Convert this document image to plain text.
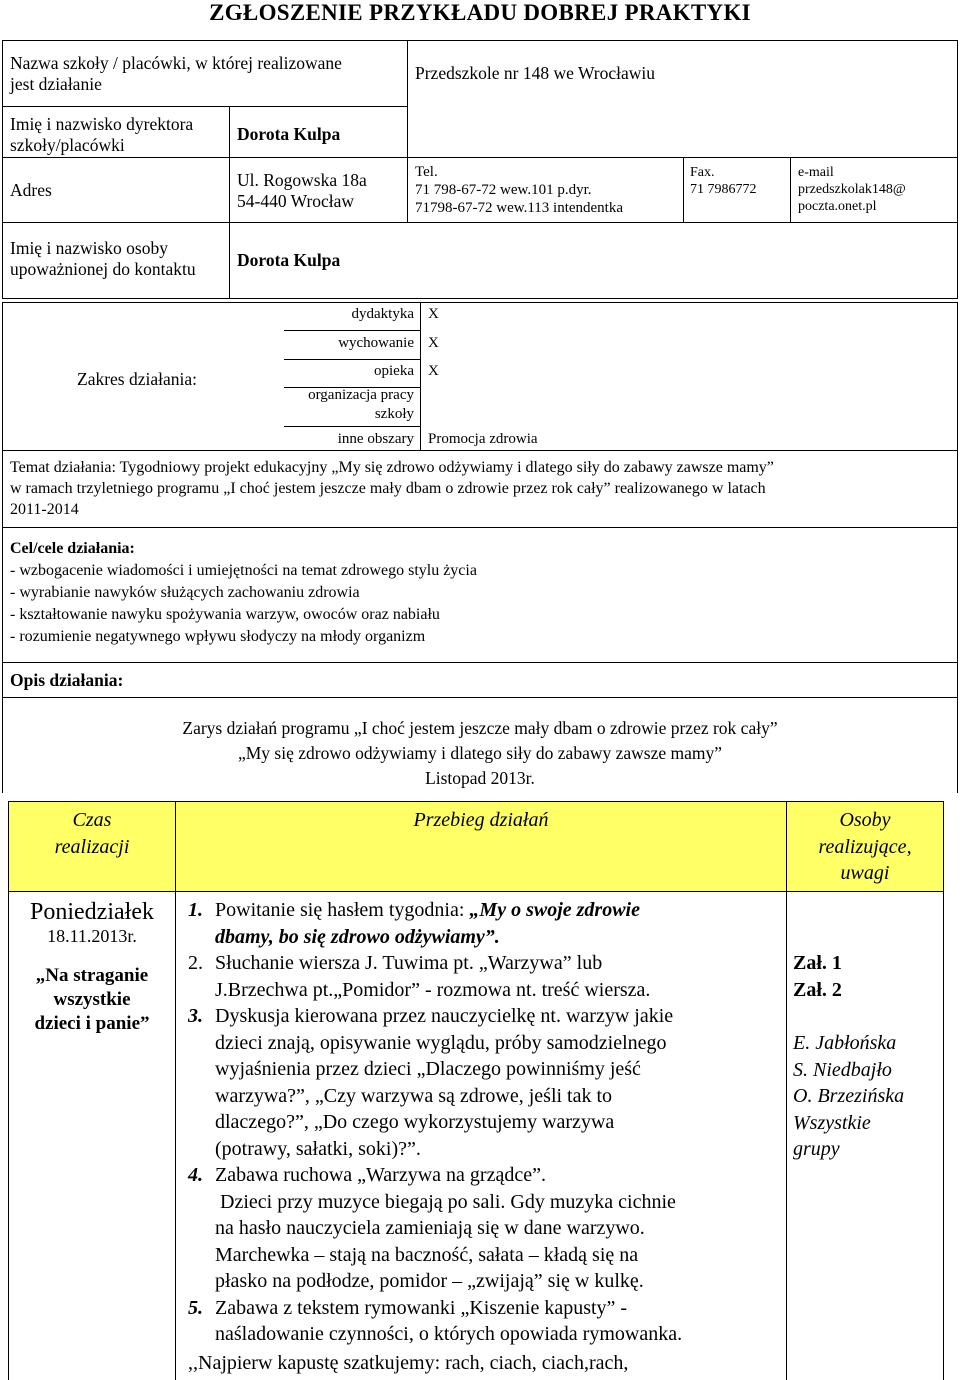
ZGŁOSZENIE PRZYKŁADU DOBREJ PRAKTYKI
Nazwa szkoły / placówki, w której realizowane
jest działanie
Przedszkole nr 148 we Wrocławiu
Imię i nazwisko dyrektora
szkoły/placówki
Dorota Kulpa
Adres	Ul. Rogowska 18a
54-440 Wrocław
Tel.
71 798-67-72 wew.101 p.dyr.
71798-67-72 wew.113 intendentka
Fax.
71 7986772
e-mail
przedszkolak148@
poczta.onet.pl
Imię i nazwisko osoby
upoważnionej do kontaktu Dorota Kulpa
Zakres działania:
dydaktyka X
wychowanie X
opieka X
organizacja pracy
szkoły
inne obszary Promocja zdrowia
Temat działania: Tygodniowy projekt edukacyjny „My się zdrowo odżywiamy i dlatego siły do zabawy zawsze mamy”
w ramach trzyletniego programu „I choć jestem jeszcze mały dbam o zdrowie przez rok cały” realizowanego w latach
2011-2014
Cel/cele działania:
- wzbogacenie wiadomości i umiejętności na temat zdrowego stylu życia
- wyrabianie nawyków służących zachowaniu zdrowia
- kształtowanie nawyku spożywania warzyw, owoców oraz nabiału
- rozumienie negatywnego wpływu słodyczy na młody organizm
Opis działania:
Zarys działań programu „I choć jestem jeszcze mały dbam o zdrowie przez rok cały”
„My się zdrowo odżywiamy i dlatego siły do zabawy zawsze mamy”
Listopad 2013r.
Czas
realizacji
Przebieg działań	Osoby
realizujące,
uwagi
Poniedziałek
18.11.2013r.
„Na straganie
wszystkie
dzieci i panie”
1. Powitanie się hasłem tygodnia: „My o swoje zdrowie
dbamy, bo się zdrowo odżywiamy”.
2. Słuchanie wiersza J. Tuwima pt. „Warzywa” lub
J.Brzechwa pt.„Pomidor” - rozmowa nt. treść wiersza.
3. Dyskusja kierowana przez nauczycielkę nt. warzyw jakie
dzieci znają, opisywanie wyglądu, próby samodzielnego
wyjaśnienia przez dzieci „Dlaczego powinniśmy jeść
warzywa?”, „Czy warzywa są zdrowe, jeśli tak to
dlaczego?”, „Do czego wykorzystujemy warzywa
(potrawy, sałatki, soki)?”.
4. Zabawa ruchowa „Warzywa na grządce”.
Dzieci przy muzyce biegają po sali. Gdy muzyka cichnie
na hasło nauczyciela zamieniają się w dane warzywo.
Marchewka – stają na baczność, sałata – kładą się na
płasko na podłodze, pomidor – „zwijają” się w kulkę.
5. Zabawa z tekstem rymowanki „Kiszenie kapusty” -
naśladowanie czynności, o których opowiada rymowanka.
,,Najpierw kapustę szatkujemy: rach, ciach, ciach,rach,
Zał. 1
Zał. 2
E. Jabłońska
S. Niedbajło
O. Brzezińska
Wszystkie
grupy
